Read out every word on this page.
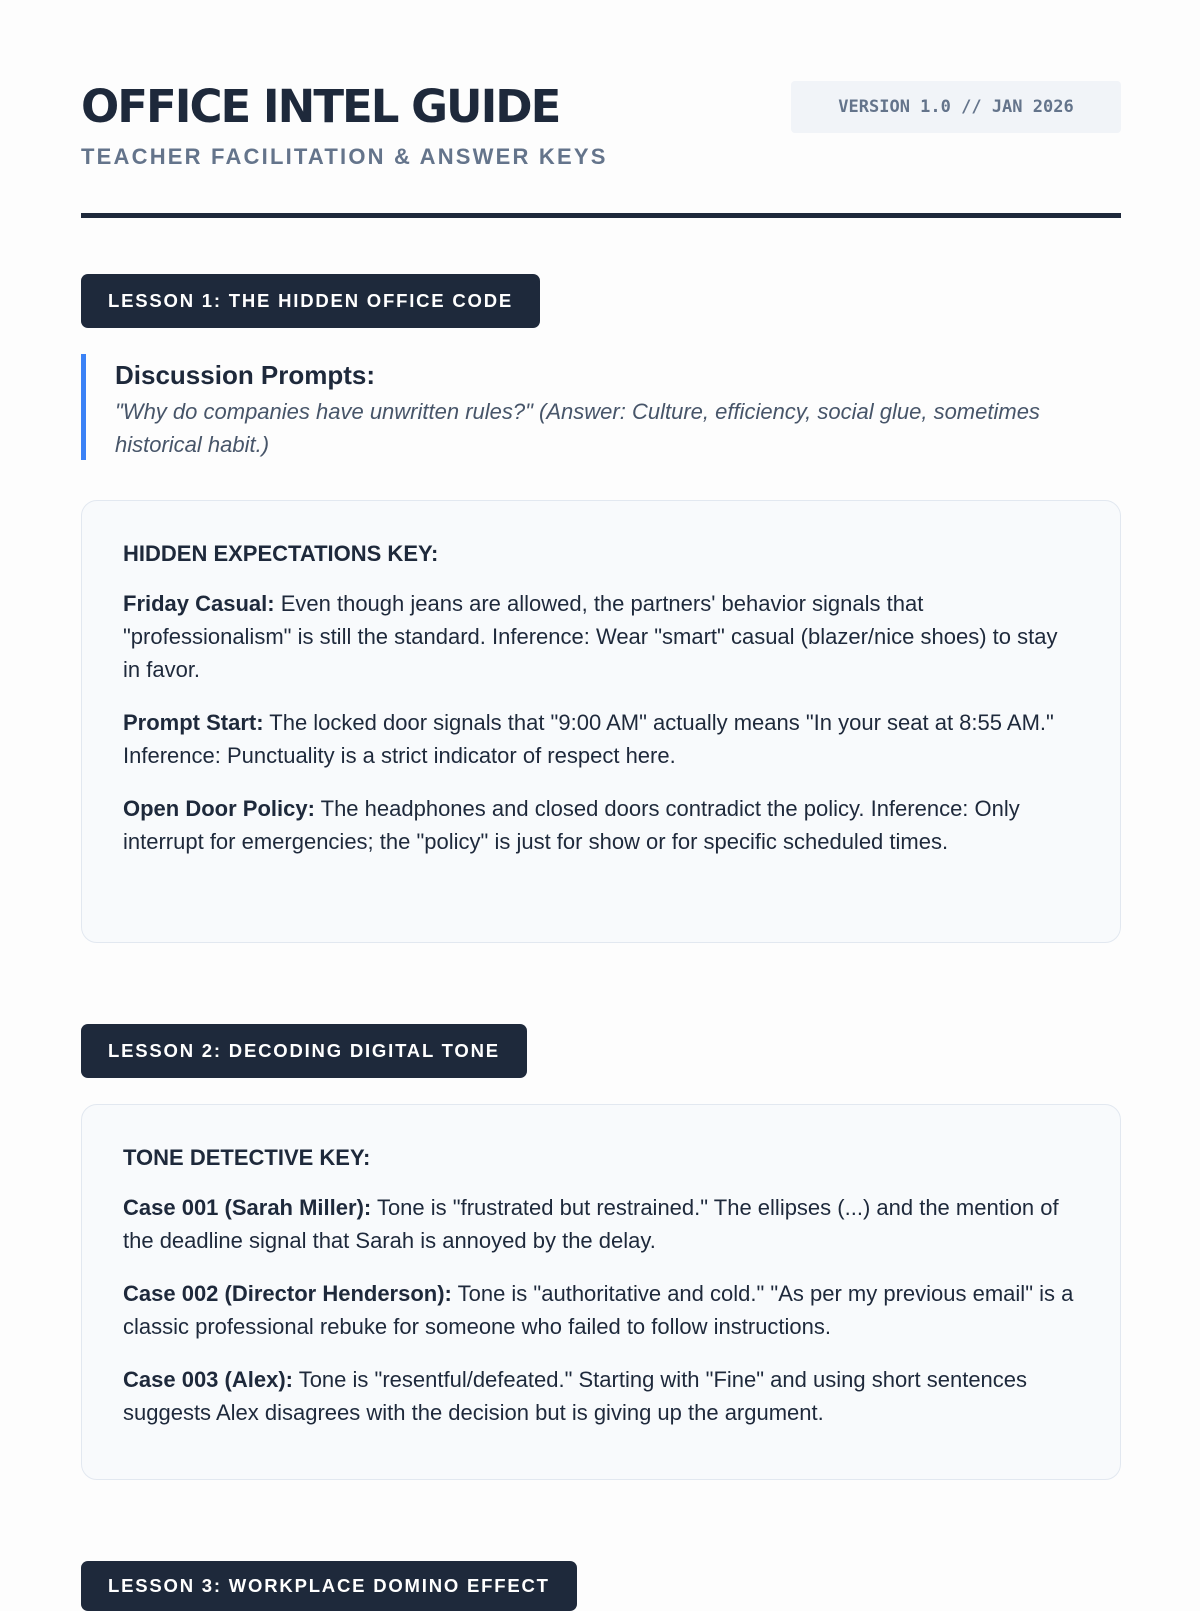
OFFICE INTEL GUIDE
TEACHER FACILITATION & ANSWER KEYS
VERSION 1.0 // JAN 2026
LESSON 1: THE HIDDEN OFFICE CODE
Discussion Prompts:
"Why do companies have unwritten rules?" (Answer: Culture, efficiency, social glue, sometimes historical habit.)
HIDDEN EXPECTATIONS KEY:
Friday Casual: Even though jeans are allowed, the partners' behavior signals that "professionalism" is still the standard. Inference: Wear "smart" casual (blazer/nice shoes) to stay in favor.
Prompt Start: The locked door signals that "9:00 AM" actually means "In your seat at 8:55 AM." Inference: Punctuality is a strict indicator of respect here.
Open Door Policy: The headphones and closed doors contradict the policy. Inference: Only interrupt for emergencies; the "policy" is just for show or for specific scheduled times.
LESSON 2: DECODING DIGITAL TONE
TONE DETECTIVE KEY:
Case 001 (Sarah Miller): Tone is "frustrated but restrained." The ellipses (...) and the mention of the deadline signal that Sarah is annoyed by the delay.
Case 002 (Director Henderson): Tone is "authoritative and cold." "As per my previous email" is a classic professional rebuke for someone who failed to follow instructions.
Case 003 (Alex): Tone is "resentful/defeated." Starting with "Fine" and using short sentences suggests Alex disagrees with the decision but is giving up the argument.
LESSON 3: WORKPLACE DOMINO EFFECT
